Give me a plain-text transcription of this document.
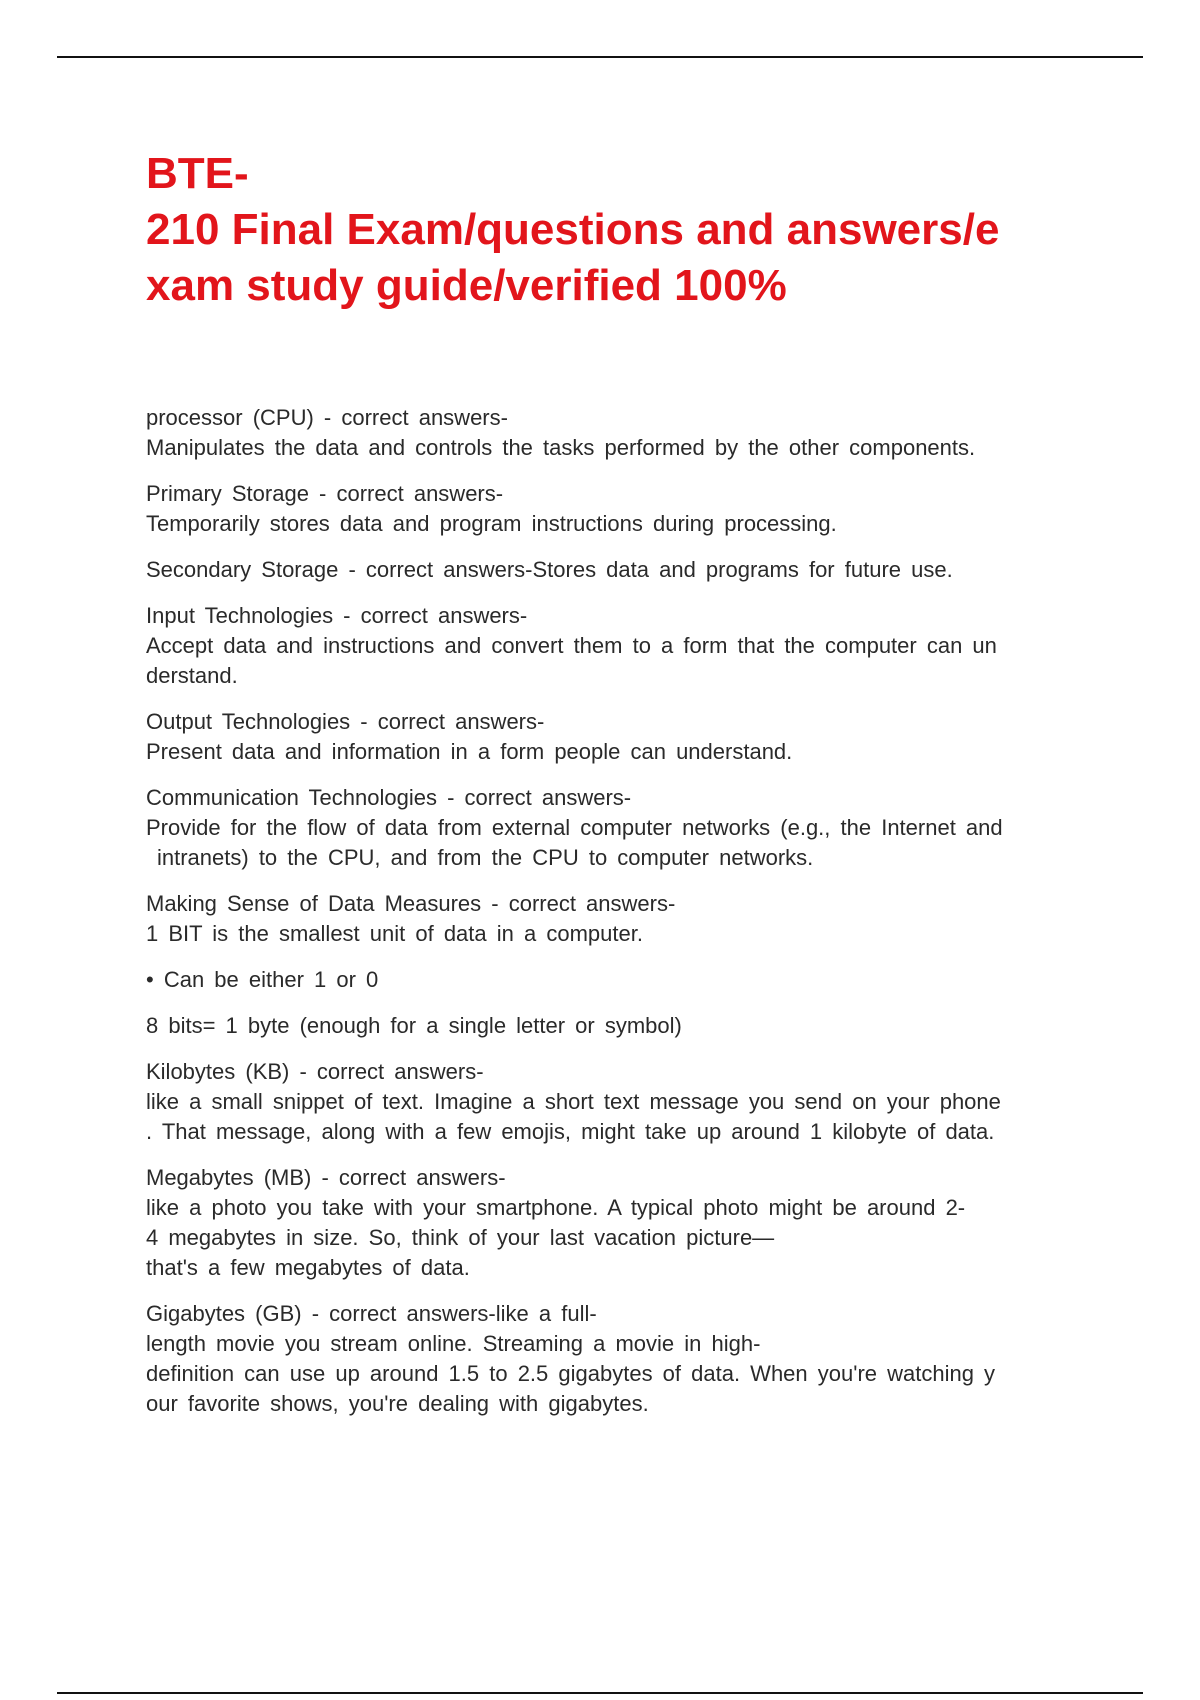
BTE-
210 Final Exam/questions and answers/e
xam study guide/verified 100%

processor (CPU) - correct answers-
Manipulates the data and controls the tasks performed by the other components.

Primary Storage - correct answers-
Temporarily stores data and program instructions during processing.

Secondary Storage - correct answers-Stores data and programs for future use.

Input Technologies - correct answers-
Accept data and instructions and convert them to a form that the computer can un
derstand.

Output Technologies - correct answers-
Present data and information in a form people can understand.

Communication Technologies - correct answers-
Provide for the flow of data from external computer networks (e.g., the Internet and
intranets) to the CPU, and from the CPU to computer networks.

Making Sense of Data Measures - correct answers-
1 BIT is the smallest unit of data in a computer.

• Can be either 1 or 0

8 bits= 1 byte (enough for a single letter or symbol)

Kilobytes (KB) - correct answers-
like a small snippet of text. Imagine a short text message you send on your phone
. That message, along with a few emojis, might take up around 1 kilobyte of data.

Megabytes (MB) - correct answers-
like a photo you take with your smartphone. A typical photo might be around 2-
4 megabytes in size. So, think of your last vacation picture—
that's a few megabytes of data.

Gigabytes (GB) - correct answers-like a full-
length movie you stream online. Streaming a movie in high-
definition can use up around 1.5 to 2.5 gigabytes of data. When you're watching y
our favorite shows, you're dealing with gigabytes.
